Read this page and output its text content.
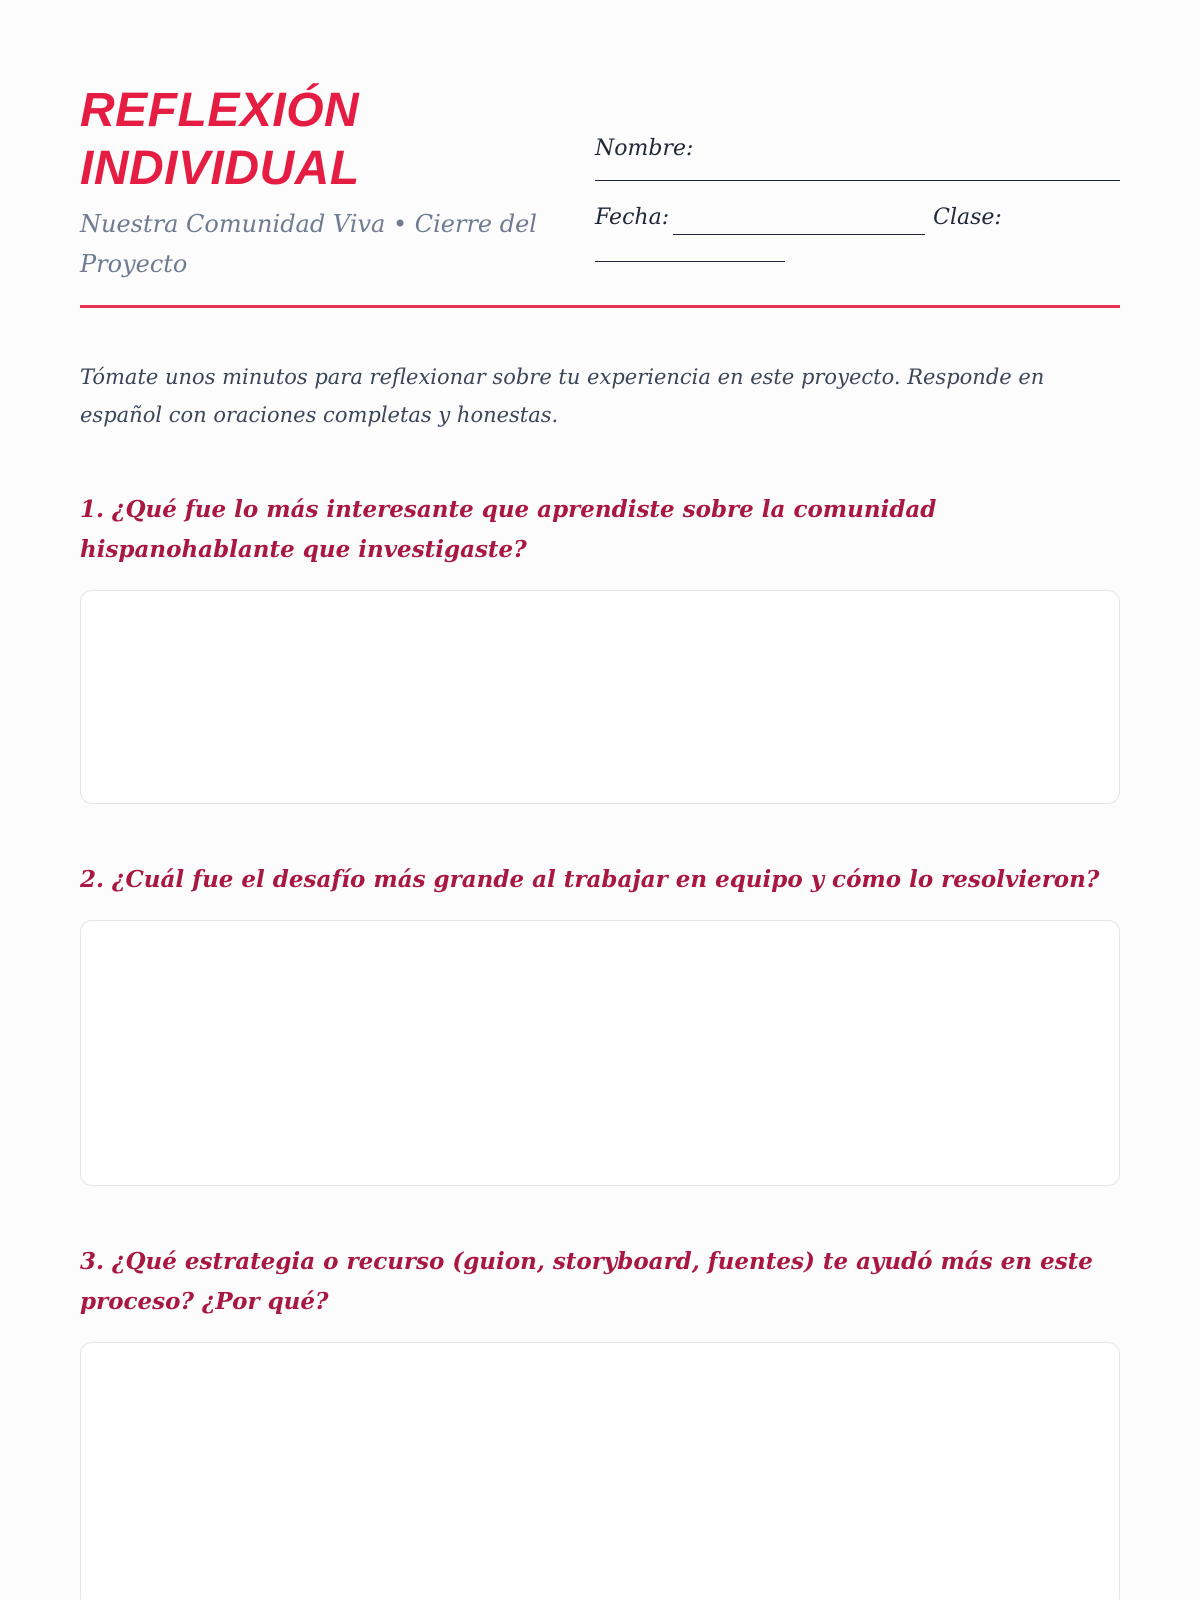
REFLEXIÓN
INDIVIDUAL

Nuestra Comunidad Viva • Cierre del Proyecto

Nombre:
Fecha:	Clase:

Tómate unos minutos para reflexionar sobre tu experiencia en este proyecto. Responde en español con oraciones completas y honestas.

1. ¿Qué fue lo más interesante que aprendiste sobre la comunidad hispanohablante que investigaste?

2. ¿Cuál fue el desafío más grande al trabajar en equipo y cómo lo resolvieron?

3. ¿Qué estrategia o recurso (guion, storyboard, fuentes) te ayudó más en este proceso? ¿Por qué?
